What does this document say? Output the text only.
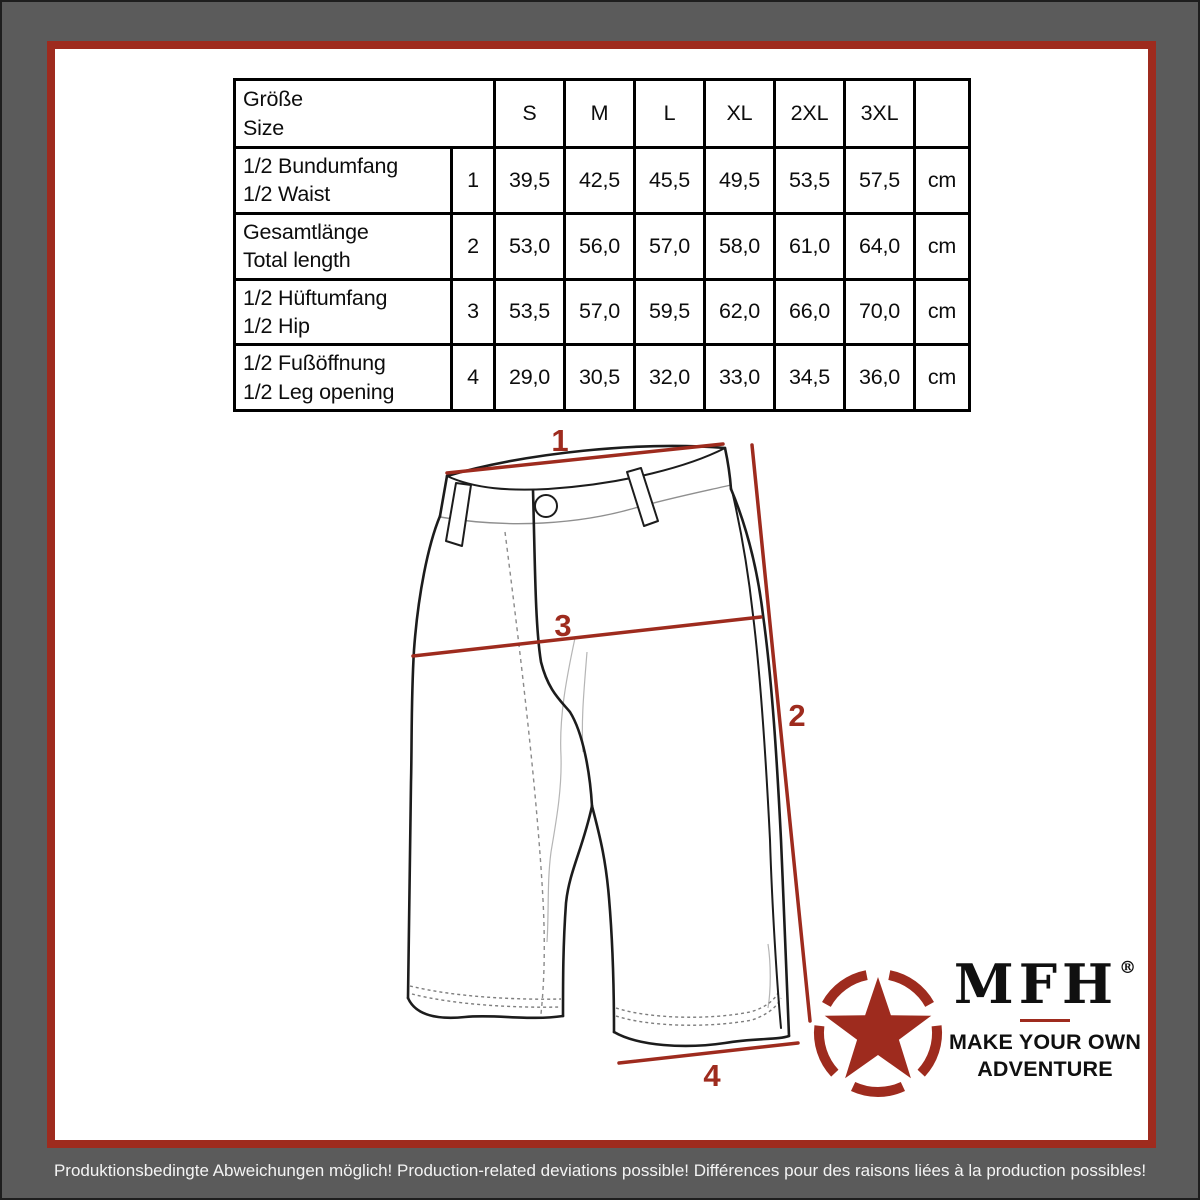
Größe
Size		S	M	L	XL	2XL	3XL	

1/2 Bundumfang
1/2 Waist	1	39,5	42,5	45,5	49,5	53,5	57,5	cm

Gesamtlänge
Total length	2	53,0	56,0	57,0	58,0	61,0	64,0	cm

1/2 Hüftumfang
1/2 Hip	3	53,5	57,0	59,5	62,0	66,0	70,0	cm

1/2 Fußöffnung
1/2 Leg opening	4	29,0	30,5	32,0	33,0	34,5	36,0	cm
1
2
3
4
MFH®
MAKE YOUR OWN
ADVENTURE
Produktionsbedingte Abweichungen möglich! Production-related deviations possible! Différences pour des raisons liées à la production possibles!
